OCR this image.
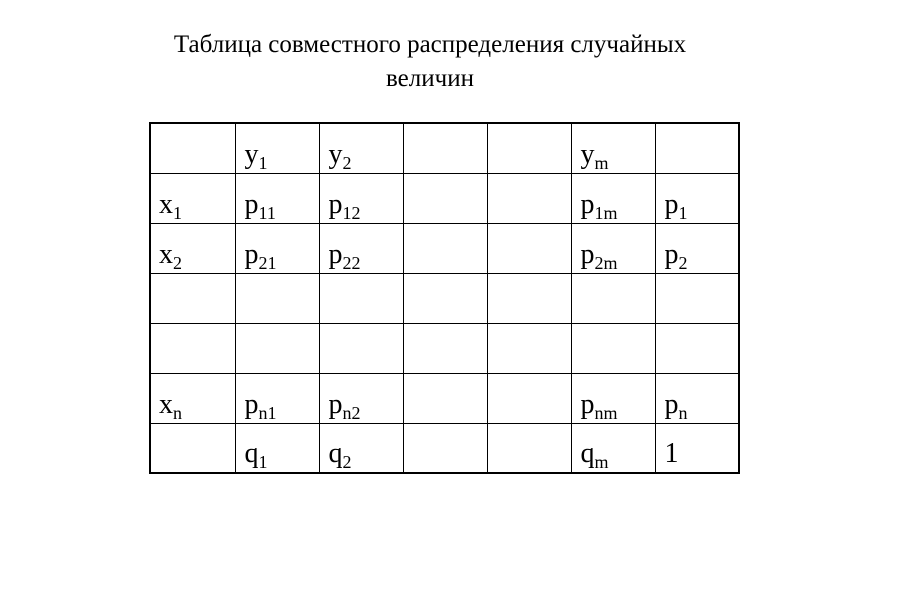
Таблица совместного распределения случайных
величин
	$y_1$	$y_2$			$y_m$	
$x_1$	$p_{11}$	$p_{12}$			$p_{1m}$	$p_1$
$x_2$	$p_{21}$	$p_{22}$			$p_{2m}$	$p_2$

$x_n$	$p_{n1}$	$p_{n2}$			$p_{nm}$	$p_n$
	$q_1$	$q_2$			$q_m$	1
